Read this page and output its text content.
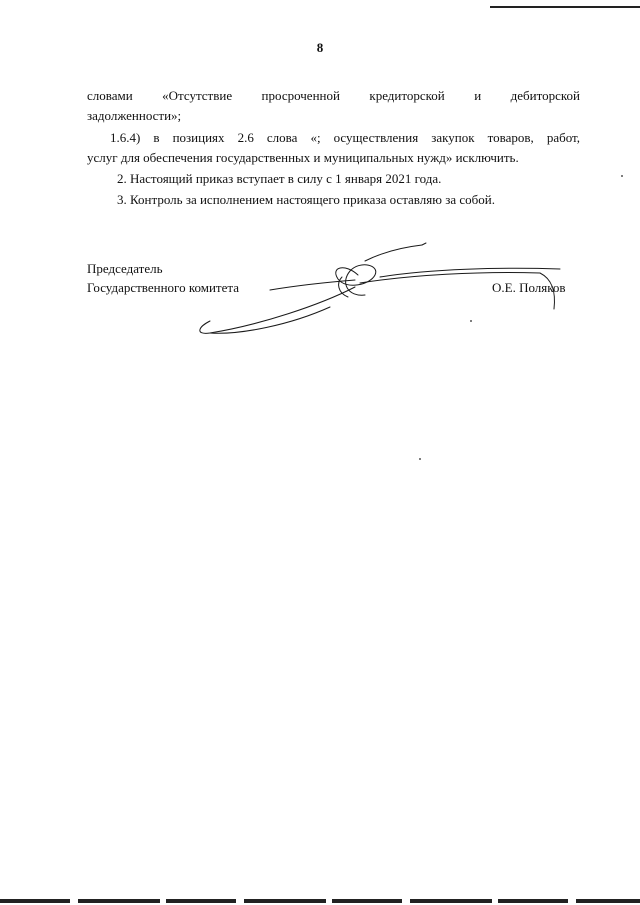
8
словами «Отсутствие просроченной кредиторской и дебиторской
задолженности»;
1.6.4) в позициях 2.6 слова «; осуществления закупок товаров, работ,
услуг для обеспечения государственных и муниципальных нужд» исключить.
2. Настоящий приказ вступает в силу с 1 января 2021 года.
3. Контроль за исполнением настоящего приказа оставляю за собой.
Председатель
Государственного комитета	О.Е. Поляков
